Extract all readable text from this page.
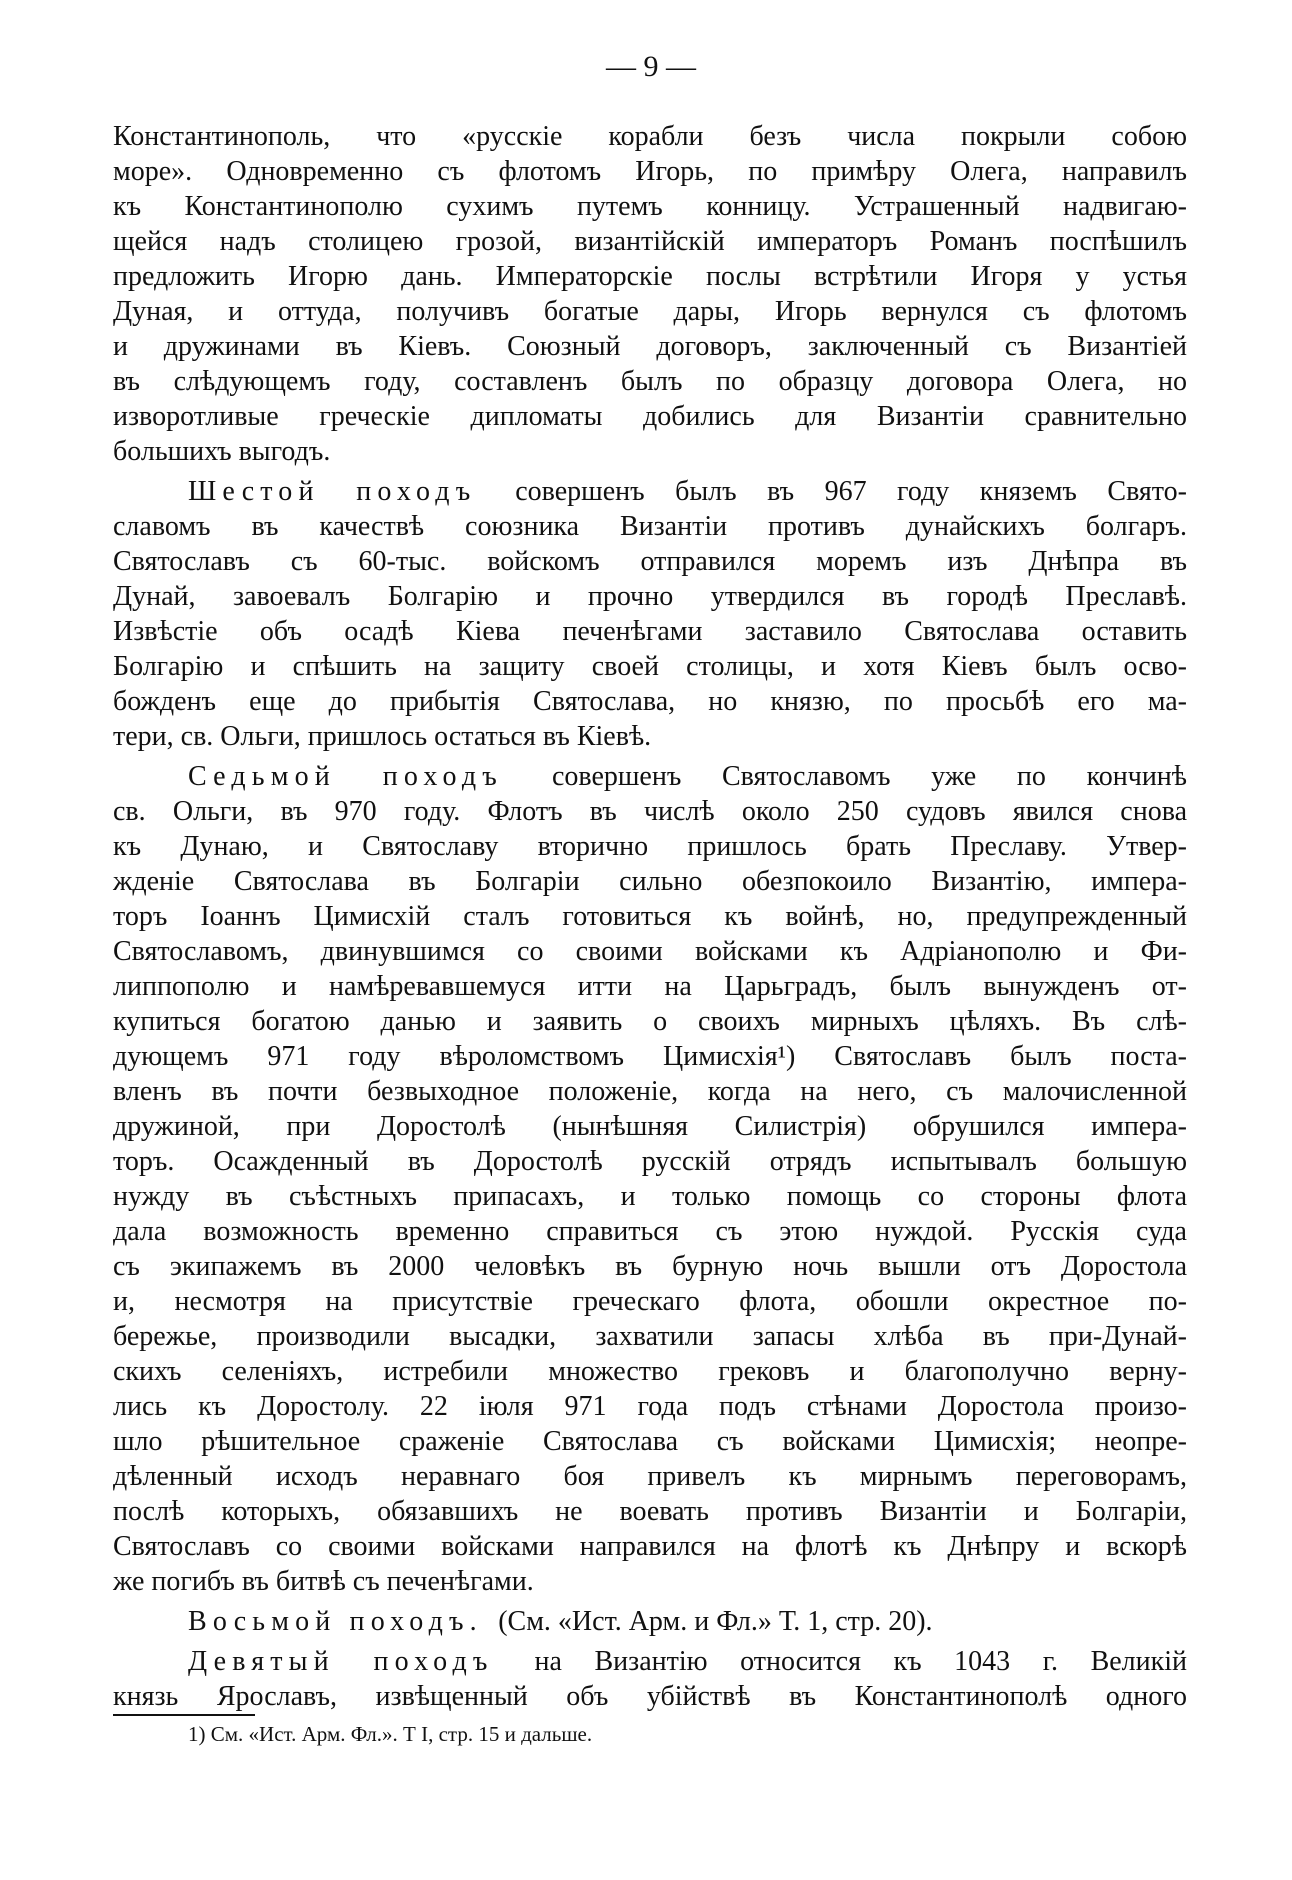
— 9 —
Константинополь, что «русскіе корабли безъ числа покрыли собою
море». Одновременно съ флотомъ Игорь, по примѣру Олега, направилъ
къ Константинополю сухимъ путемъ конницу. Устрашенный надвигаю-
щейся надъ столицею грозой, византійскій императоръ Романъ поспѣшилъ
предложить Игорю дань. Императорскіе послы встрѣтили Игоря у устья
Дуная, и оттуда, получивъ богатые дары, Игорь вернулся съ флотомъ
и дружинами въ Кіевъ. Союзный договоръ, заключенный съ Византіей
въ слѣдующемъ году, составленъ былъ по образцу договора Олега, но
изворотливые греческіе дипломаты добились для Византіи сравнительно
большихъ выгодъ.
Шестой походъ совершенъ былъ въ 967 году княземъ Свято-
славомъ въ качествѣ союзника Византіи противъ дунайскихъ болгаръ.
Святославъ съ 60-тыс. войскомъ отправился моремъ изъ Днѣпра въ
Дунай, завоевалъ Болгарію и прочно утвердился въ городѣ Преславѣ.
Извѣстіе объ осадѣ Кіева печенѣгами заставило Святослава оставить
Болгарію и спѣшить на защиту своей столицы, и хотя Кіевъ былъ осво-
божденъ еще до прибытія Святослава, но князю, по просьбѣ его ма-
тери, св. Ольги, пришлось остаться въ Кіевѣ.
Седьмой походъ совершенъ Святославомъ уже по кончинѣ
св. Ольги, въ 970 году. Флотъ въ числѣ около 250 судовъ явился снова
къ Дунаю, и Святославу вторично пришлось брать Преславу. Утвер-
жденіе Святослава въ Болгаріи сильно обезпокоило Византію, импера-
торъ Іоаннъ Цимисхій сталъ готовиться къ войнѣ, но, предупрежденный
Святославомъ, двинувшимся со своими войсками къ Адріанополю и Фи-
липпополю и намѣревавшемуся итти на Царьградъ, былъ вынужденъ от-
купиться богатою данью и заявить о своихъ мирныхъ цѣляхъ. Въ слѣ-
дующемъ 971 году вѣроломствомъ Цимисхія¹) Святославъ былъ поста-
вленъ въ почти безвыходное положеніе, когда на него, съ малочисленной
дружиной, при Доростолѣ (нынѣшняя Силистрія) обрушился импера-
торъ. Осажденный въ Доростолѣ русскій отрядъ испытывалъ большую
нужду въ съѣстныхъ припасахъ, и только помощь со стороны флота
дала возможность временно справиться съ этою нуждой. Русскія суда
съ экипажемъ въ 2000 человѣкъ въ бурную ночь вышли отъ Доростола
и, несмотря на присутствіе греческаго флота, обошли окрестное по-
бережье, производили высадки, захватили запасы хлѣба въ при-Дунай-
скихъ селеніяхъ, истребили множество грековъ и благополучно верну-
лись къ Доростолу. 22 іюля 971 года подъ стѣнами Доростола произо-
шло рѣшительное сраженіе Святослава съ войсками Цимисхія; неопре-
дѣленный исходъ неравнаго боя привелъ къ мирнымъ переговорамъ,
послѣ которыхъ, обязавшихъ не воевать противъ Византіи и Болгаріи,
Святославъ со своими войсками направился на флотѣ къ Днѣпру и вскорѣ
же погибъ въ битвѣ съ печенѣгами.
Восьмой походъ. (См. «Ист. Арм. и Фл.» Т. 1, стр. 20).
Девятый походъ на Византію относится къ 1043 г. Великій
князь Ярославъ, извѣщенный объ убійствѣ въ Константинополѣ одного
1) См. «Ист. Арм. Фл.». Т I, стр. 15 и дальше.
